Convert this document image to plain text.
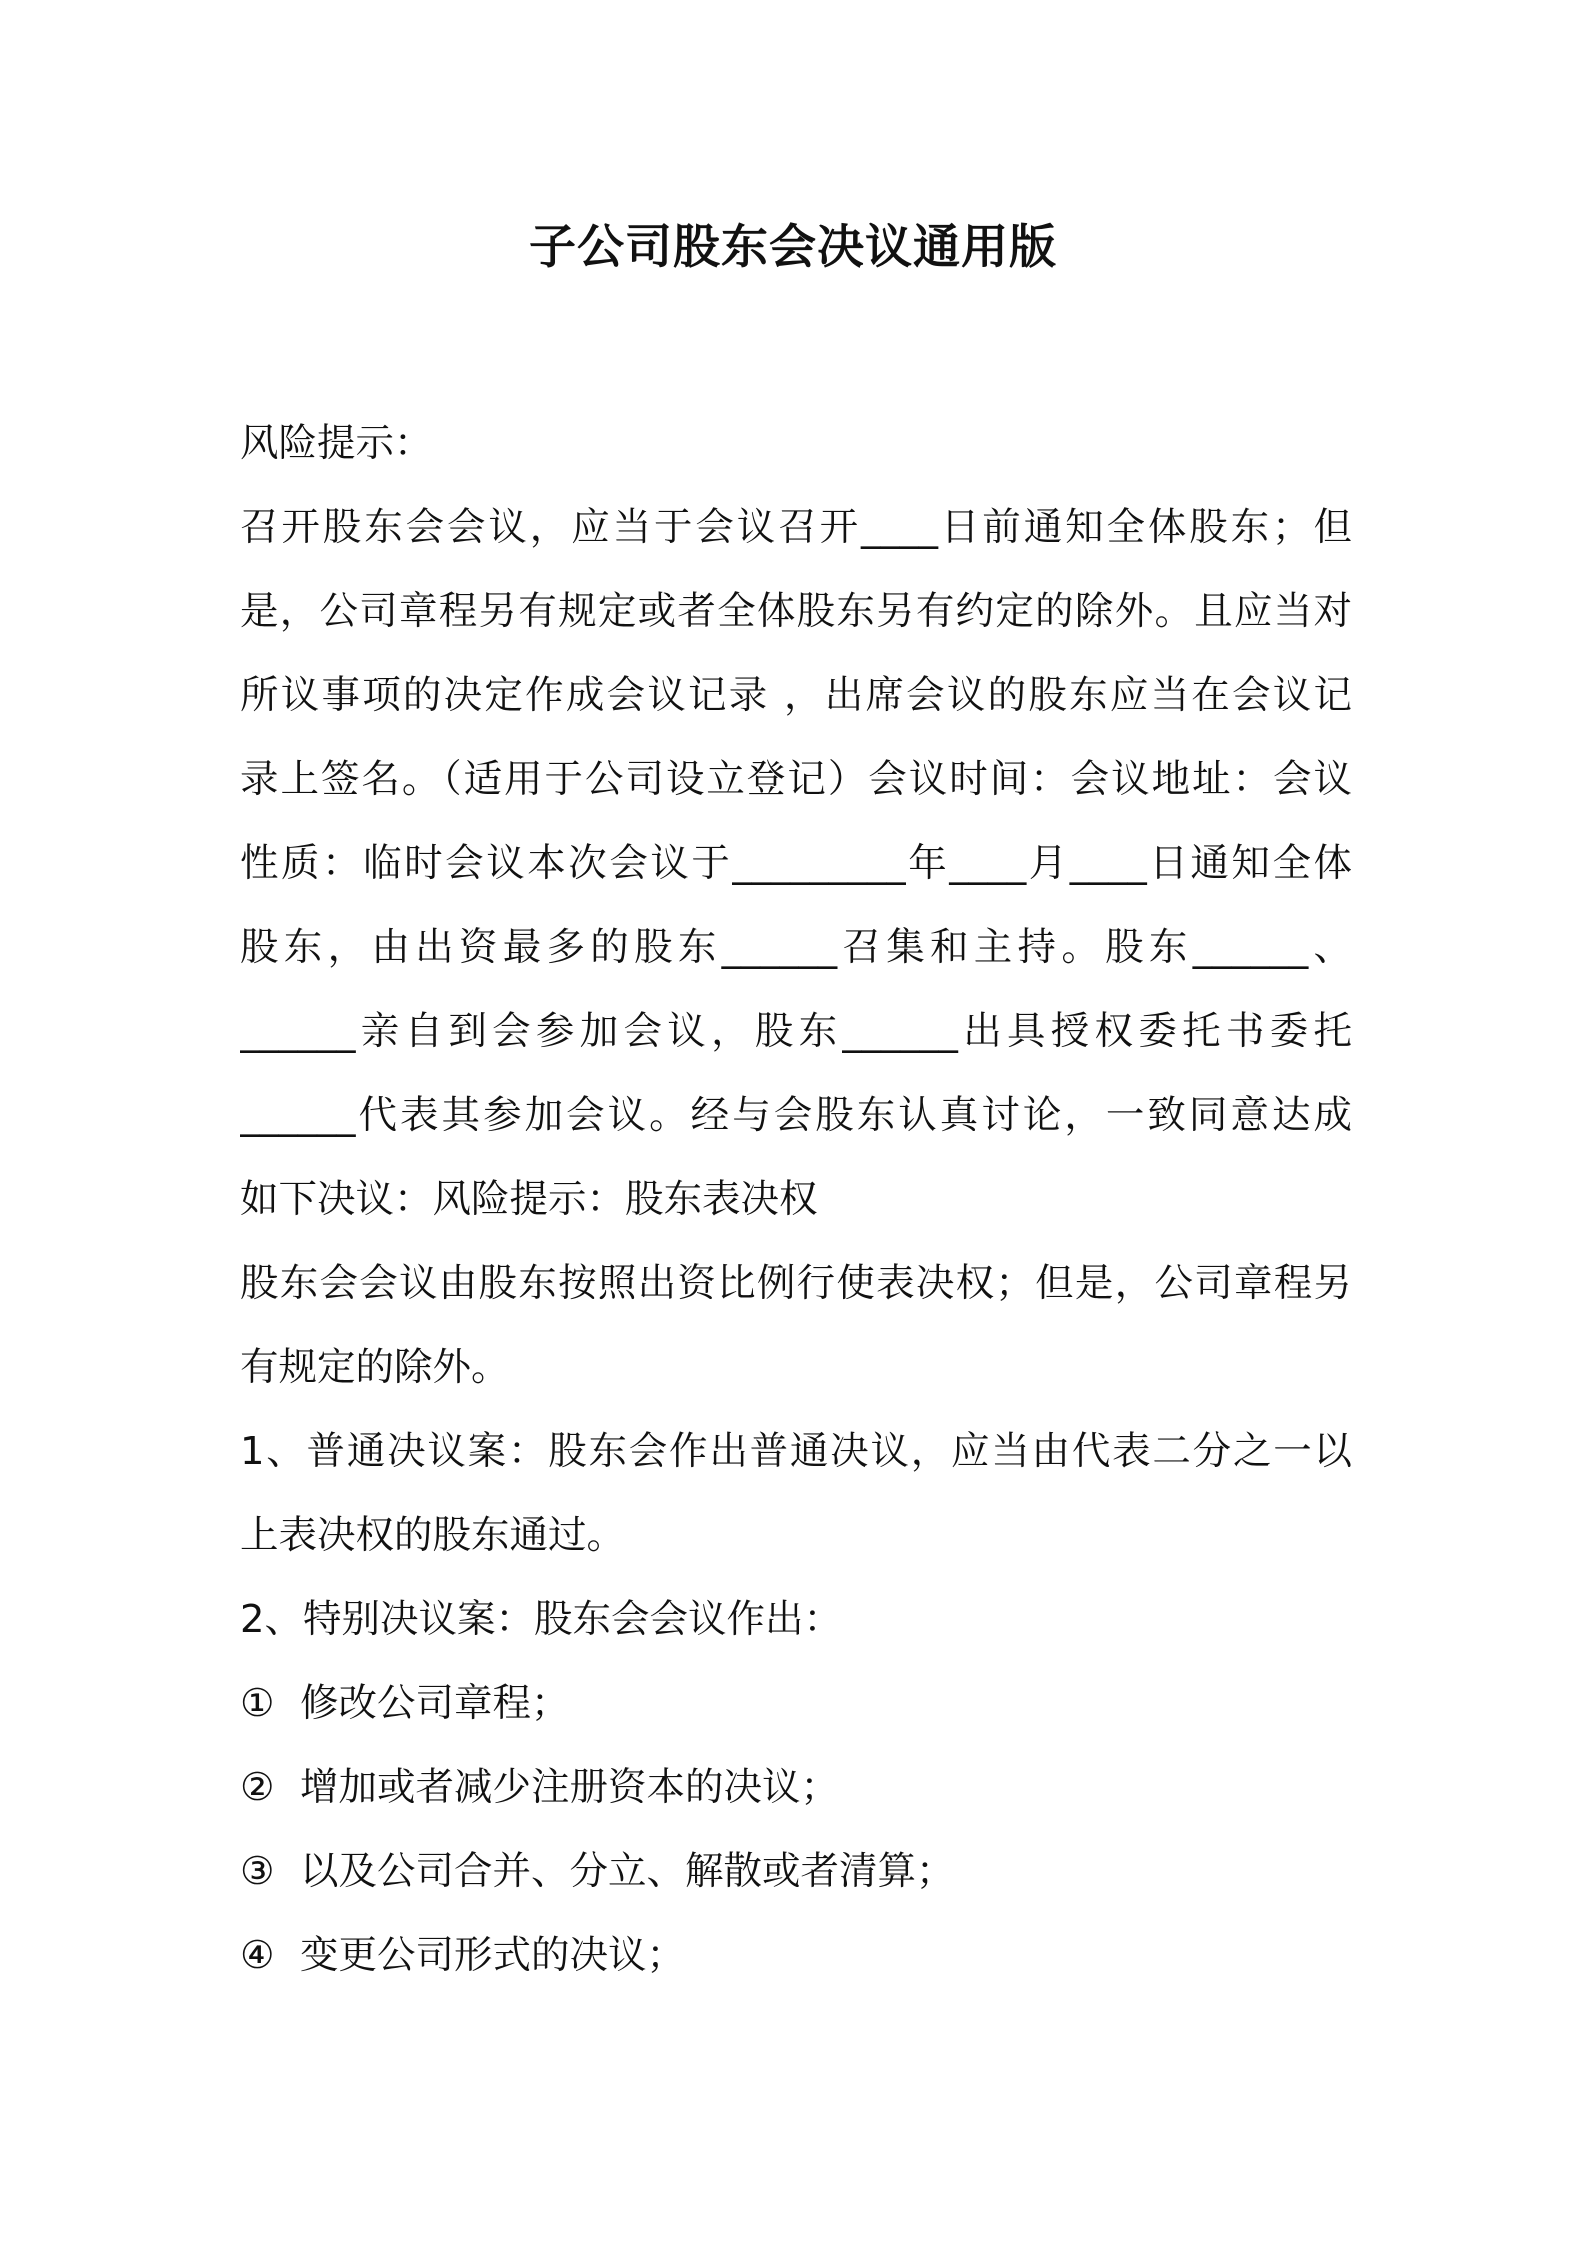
子公司股东会决议通用版
风险提示：
召开股东会会议，应当于会议召开____日前通知全体股东；但
是，公司章程另有规定或者全体股东另有约定的除外。且应当对
所议事项的决定作成会议记录 ，出席会议的股东应当在会议记
录上签名。（适用于公司设立登记）会议时间：会议地址：会议
性质：临时会议本次会议于_________年____月____日通知全体
股东，由出资最多的股东______召集和主持。股东______、
______亲自到会参加会议，股东______出具授权委托书委托
______代表其参加会议。经与会股东认真讨论，一致同意达成
如下决议：风险提示：股东表决权
股东会会议由股东按照出资比例行使表决权；但是，公司章程另
有规定的除外。
1、普通决议案：股东会作出普通决议，应当由代表二分之一以
上表决权的股东通过。
2、特别决议案：股东会会议作出：
① 修改公司章程；
② 增加或者减少注册资本的决议；
③ 以及公司合并、分立、解散或者清算；
④ 变更公司形式的决议；
